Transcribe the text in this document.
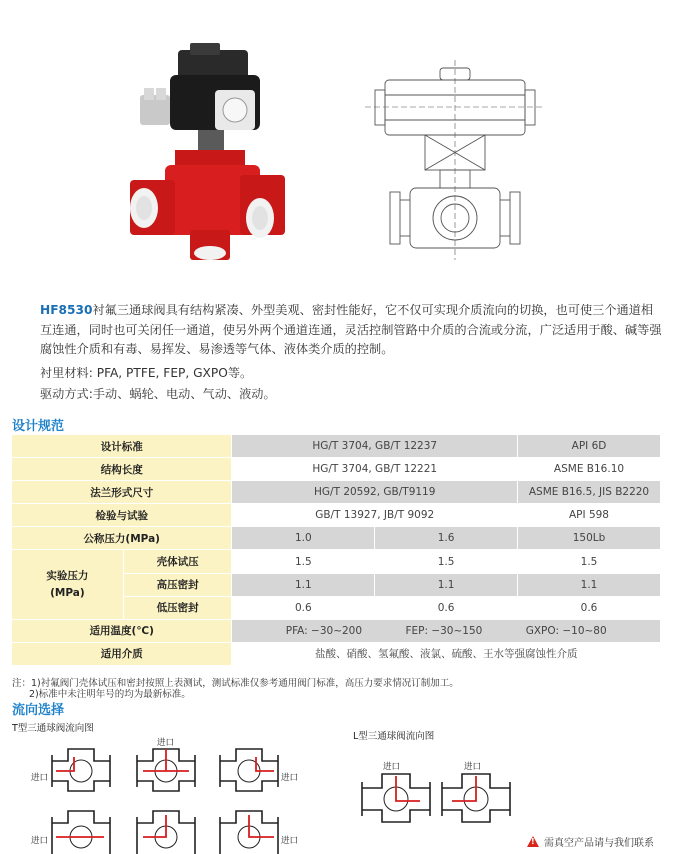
HF8530衬氟三通球阀具有结构紧凑、外型美观、密封性能好，它不仅可实现介质流向的切换，也可使三个通道相互连通，同时也可关闭任一通道，使另外两个通道连通，灵活控制管路中介质的合流或分流，广泛适用于酸、碱等强腐蚀性介质和有毒、易挥发、易渗透等气体、液体类介质的控制。

衬里材料: PFA, PTFE, FEP, GXPO等。
驱动方式:手动、蜗轮、电动、气动、液动。
设计规范
设计标准		HG/T 3704, GB/T 12237		API 6D
结构长度		HG/T 3704, GB/T 12221		ASME B16.10
法兰形式尺寸		HG/T 20592, GB/T9119		ASME B16.5, JIS B2220
检验与试验		GB/T 13927, JB/T 9092		API 598
公称压力(MPa)		1.0	1.6	150Lb
实验压力
(MPa)	壳体试压	1.5	1.5	1.5
	高压密封	1.1	1.1	1.1
	低压密封	0.6	0.6	0.6
适用温度(℃)		PFA: −30~200 FEP: −30~150 GXPO: −10~80		
适用介质		盐酸、硝酸、氢氟酸、液氯、硫酸、王水等强腐蚀性介质		
注：1)衬氟阀门壳体试压和密封按照上表测试，测试标准仅参考通用阀门标准，高压力要求情况订制加工。
2)标准中未注明年号的均为最新标准。
流向选择
T型三通球阀流向图
L型三通球阀流向图
进口
进口
进口
进口	进口
进口	进口
!
需真空产品请与我们联系
